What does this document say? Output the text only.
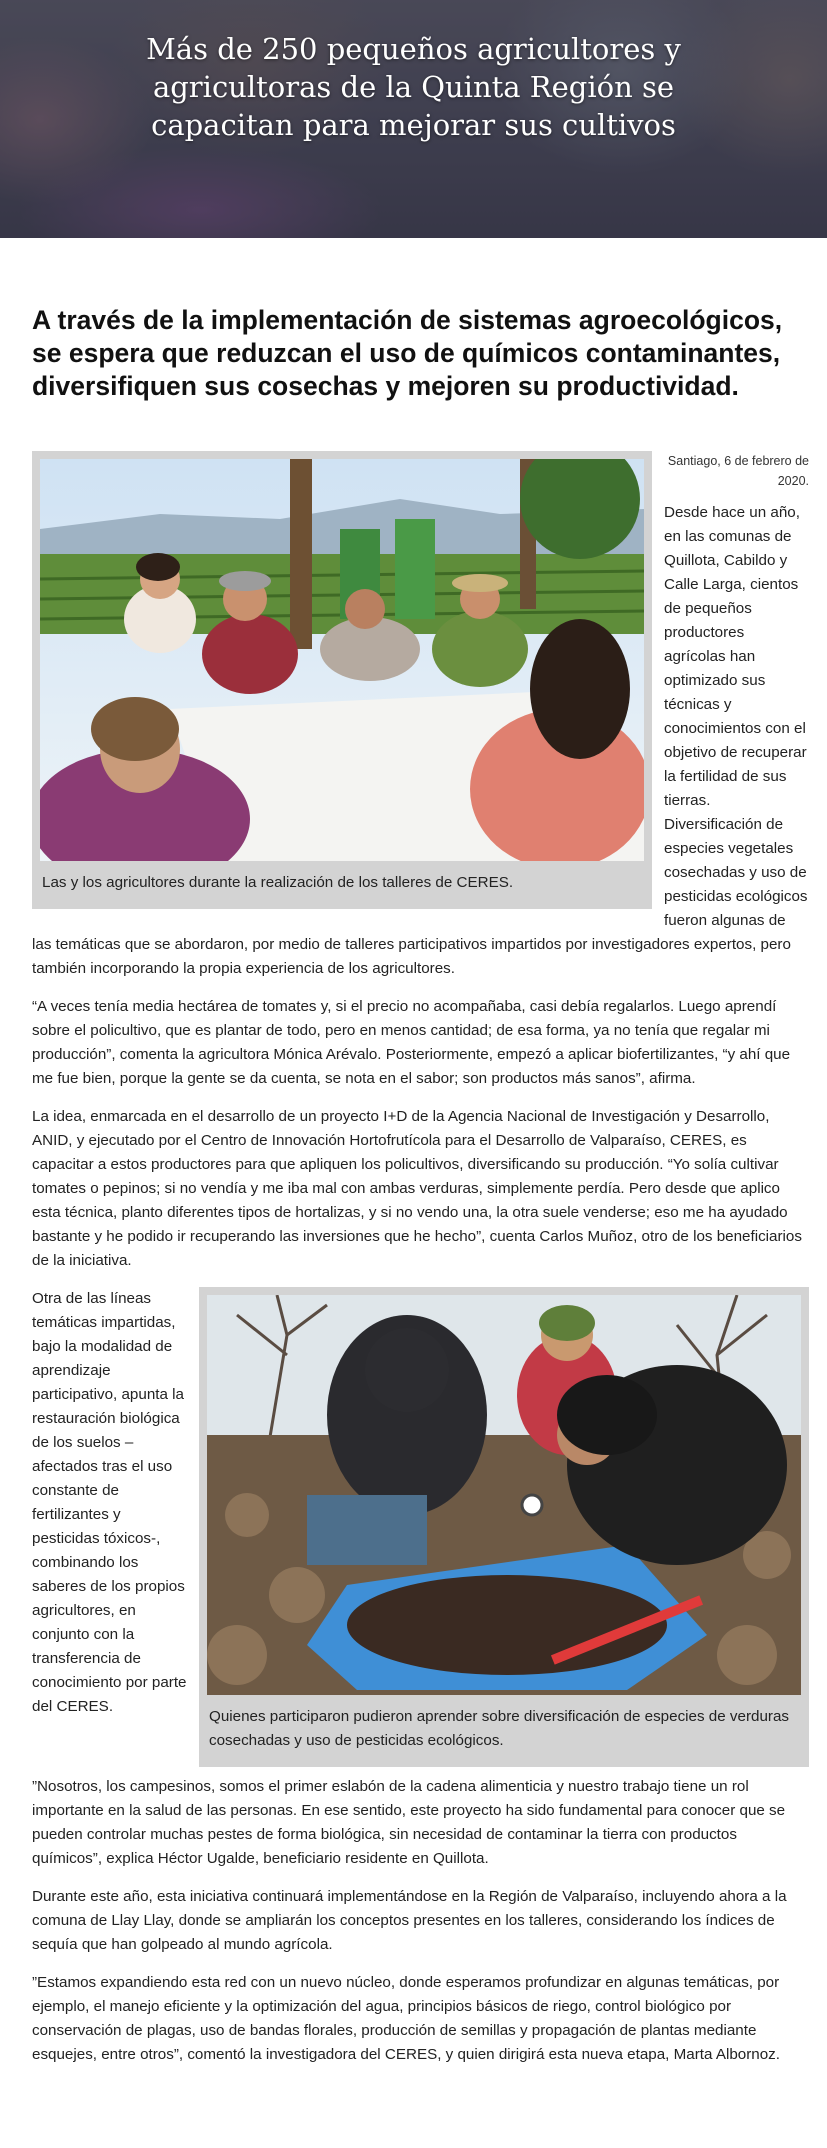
Más de 250 pequeños agricultores y agricultoras de la Quinta Región se capacitan para mejorar sus cultivos
A través de la implementación de sistemas agroecológicos, se espera que reduzcan el uso de químicos contaminantes, diversifiquen sus cosechas y mejoren su productividad.
Las y los agricultores durante la realización de los talleres de CERES.
Santiago, 6 de febrero de 2020.

Desde hace un año, en las comunas de Quillota, Cabildo y Calle Larga, cientos de pequeños productores agrícolas han optimizado sus técnicas y conocimientos con el objetivo de recuperar la fertilidad de sus tierras. Diversificación de especies vegetales cosechadas y uso de pesticidas ecológicos fueron algunas de las temáticas que se abordaron, por medio de talleres participativos impartidos por investigadores expertos, pero también incorporando la propia experiencia de los agricultores.

“A veces tenía media hectárea de tomates y, si el precio no acompañaba, casi debía regalarlos. Luego aprendí sobre el policultivo, que es plantar de todo, pero en menos cantidad; de esa forma, ya no tenía que regalar mi producción”, comenta la agricultora Mónica Arévalo. Posteriormente, empezó a aplicar biofertilizantes, “y ahí que me fue bien, porque la gente se da cuenta, se nota en el sabor; son productos más sanos”, afirma.

La idea, enmarcada en el desarrollo de un proyecto I+D de la Agencia Nacional de Investigación y Desarrollo, ANID, y ejecutado por el Centro de Innovación Hortofrutícola para el Desarrollo de Valparaíso, CERES, es capacitar a estos productores para que apliquen los policultivos, diversificando su producción. “Yo solía cultivar tomates o pepinos; si no vendía y me iba mal con ambas verduras, simplemente perdía. Pero desde que aplico esta técnica, planto diferentes tipos de hortalizas, y si no vendo una, la otra suele venderse; eso me ha ayudado bastante y he podido ir recuperando las inversiones que he hecho”, cuenta Carlos Muñoz, otro de los beneficiarios de la iniciativa.

Quienes participaron pudieron aprender sobre diversificación de especies de verduras cosechadas y uso de pesticidas ecológicos.

Otra de las líneas temáticas impartidas, bajo la modalidad de aprendizaje participativo, apunta la restauración biológica de los suelos –afectados tras el uso constante de fertilizantes y pesticidas tóxicos-, combinando los saberes de los propios agricultores, en conjunto con la transferencia de conocimiento por parte del CERES.

”Nosotros, los campesinos, somos el primer eslabón de la cadena alimenticia y nuestro trabajo tiene un rol importante en la salud de las personas. En ese sentido, este proyecto ha sido fundamental para conocer que se pueden controlar muchas pestes de forma biológica, sin necesidad de contaminar la tierra con productos químicos”, explica Héctor Ugalde, beneficiario residente en Quillota.

Durante este año, esta iniciativa continuará implementándose en la Región de Valparaíso, incluyendo ahora a la comuna de Llay Llay, donde se ampliarán los conceptos presentes en los talleres, considerando los índices de sequía que han golpeado al mundo agrícola.

”Estamos expandiendo esta red con un nuevo núcleo, donde esperamos profundizar en algunas temáticas, por ejemplo, el manejo eficiente y la optimización del agua, principios básicos de riego, control biológico por conservación de plagas, uso de bandas florales, producción de semillas y propagación de plantas mediante esquejes, entre otros”, comentó la investigadora del CERES, y quien dirigirá esta nueva etapa, Marta Albornoz.
